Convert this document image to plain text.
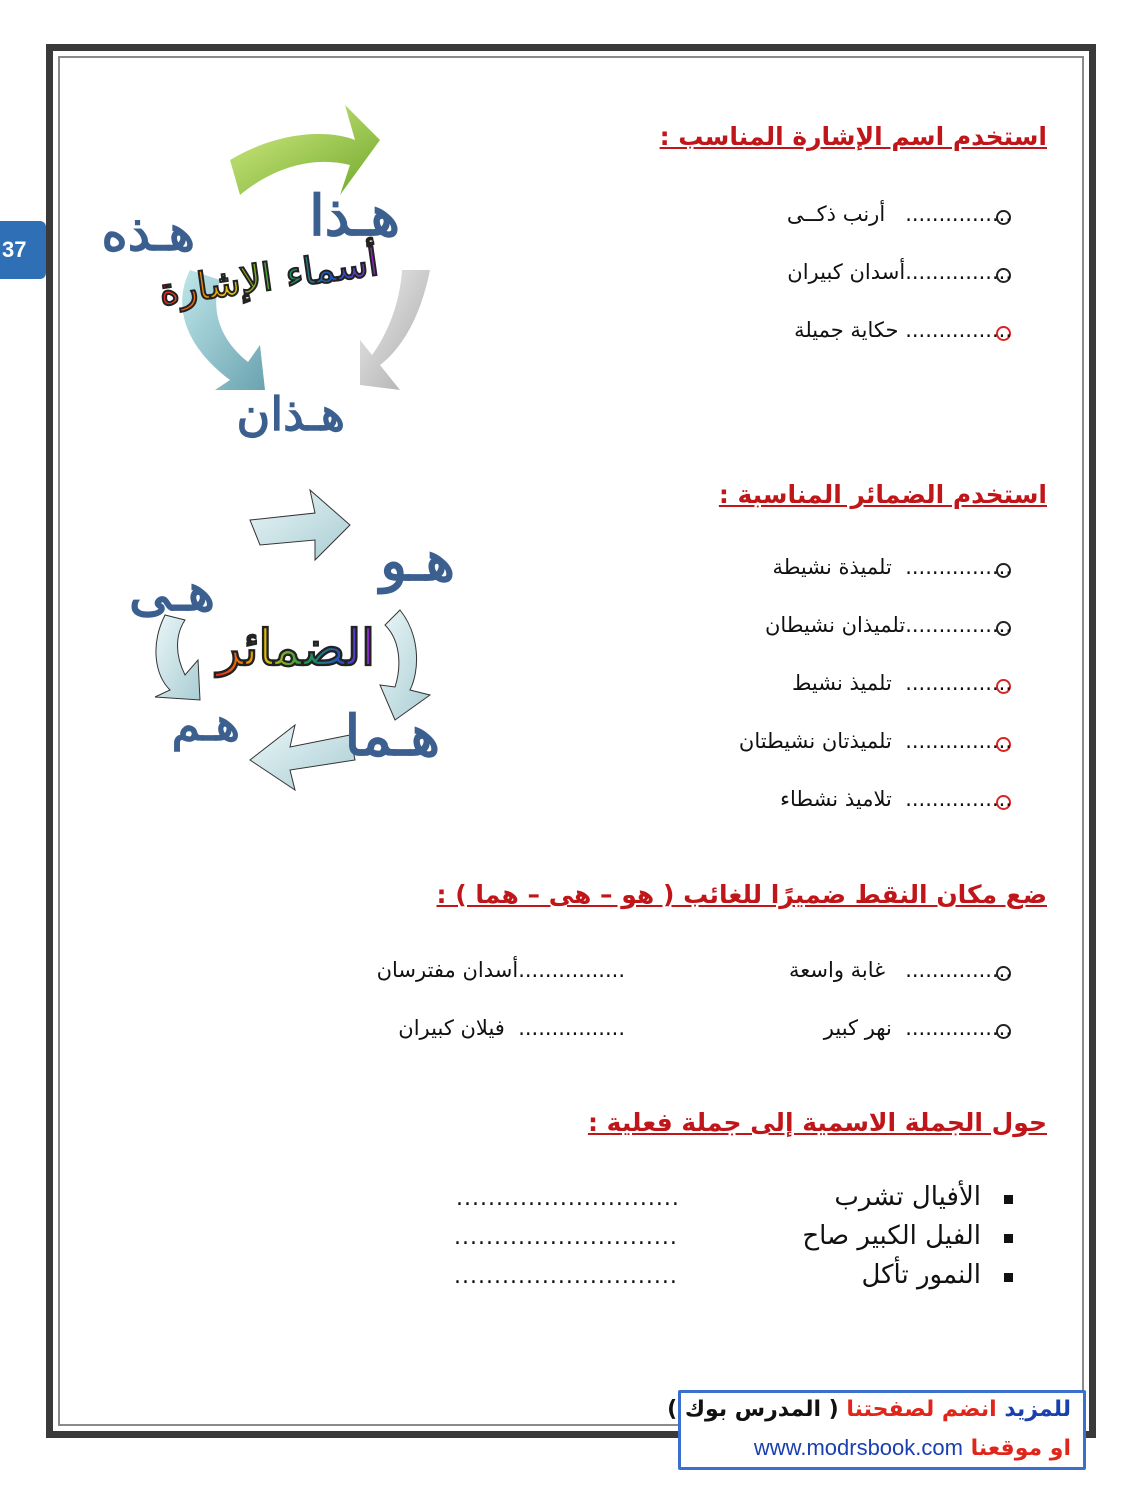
37
استخدم اسم الإشارة المناسب :
................   أرنب ذكــى
................أسدان كبيران
................ حكاية جميلة
هـذا
هـذه
هـذان
أسماء الإشارة
استخدم الضمائر المناسبة :
................  تلميذة نشيطة
................تلميذان نشيطان
................  تلميذ نشيط
................  تلميذتان نشيطتان
................  تلاميذ نشطاء
هـو
هـى
هـما
هـم
الضمائر
ضع مكان النقط ضميرًا للغائب ( هو – هى – هما ) :
................   غابة واسعة
................أسدان مفترسان
................  نهر كبير
................  فيلان كبيران
حول الجملة الاسمية إلى جملة فعلية :
الأفيال تشرب
............................
الفيل الكبير صاح
............................
النمور تأكل
............................
للمزيد انضم لصفحتنا ( المدرس بوك )
او موقعنا www.modrsbook.com
